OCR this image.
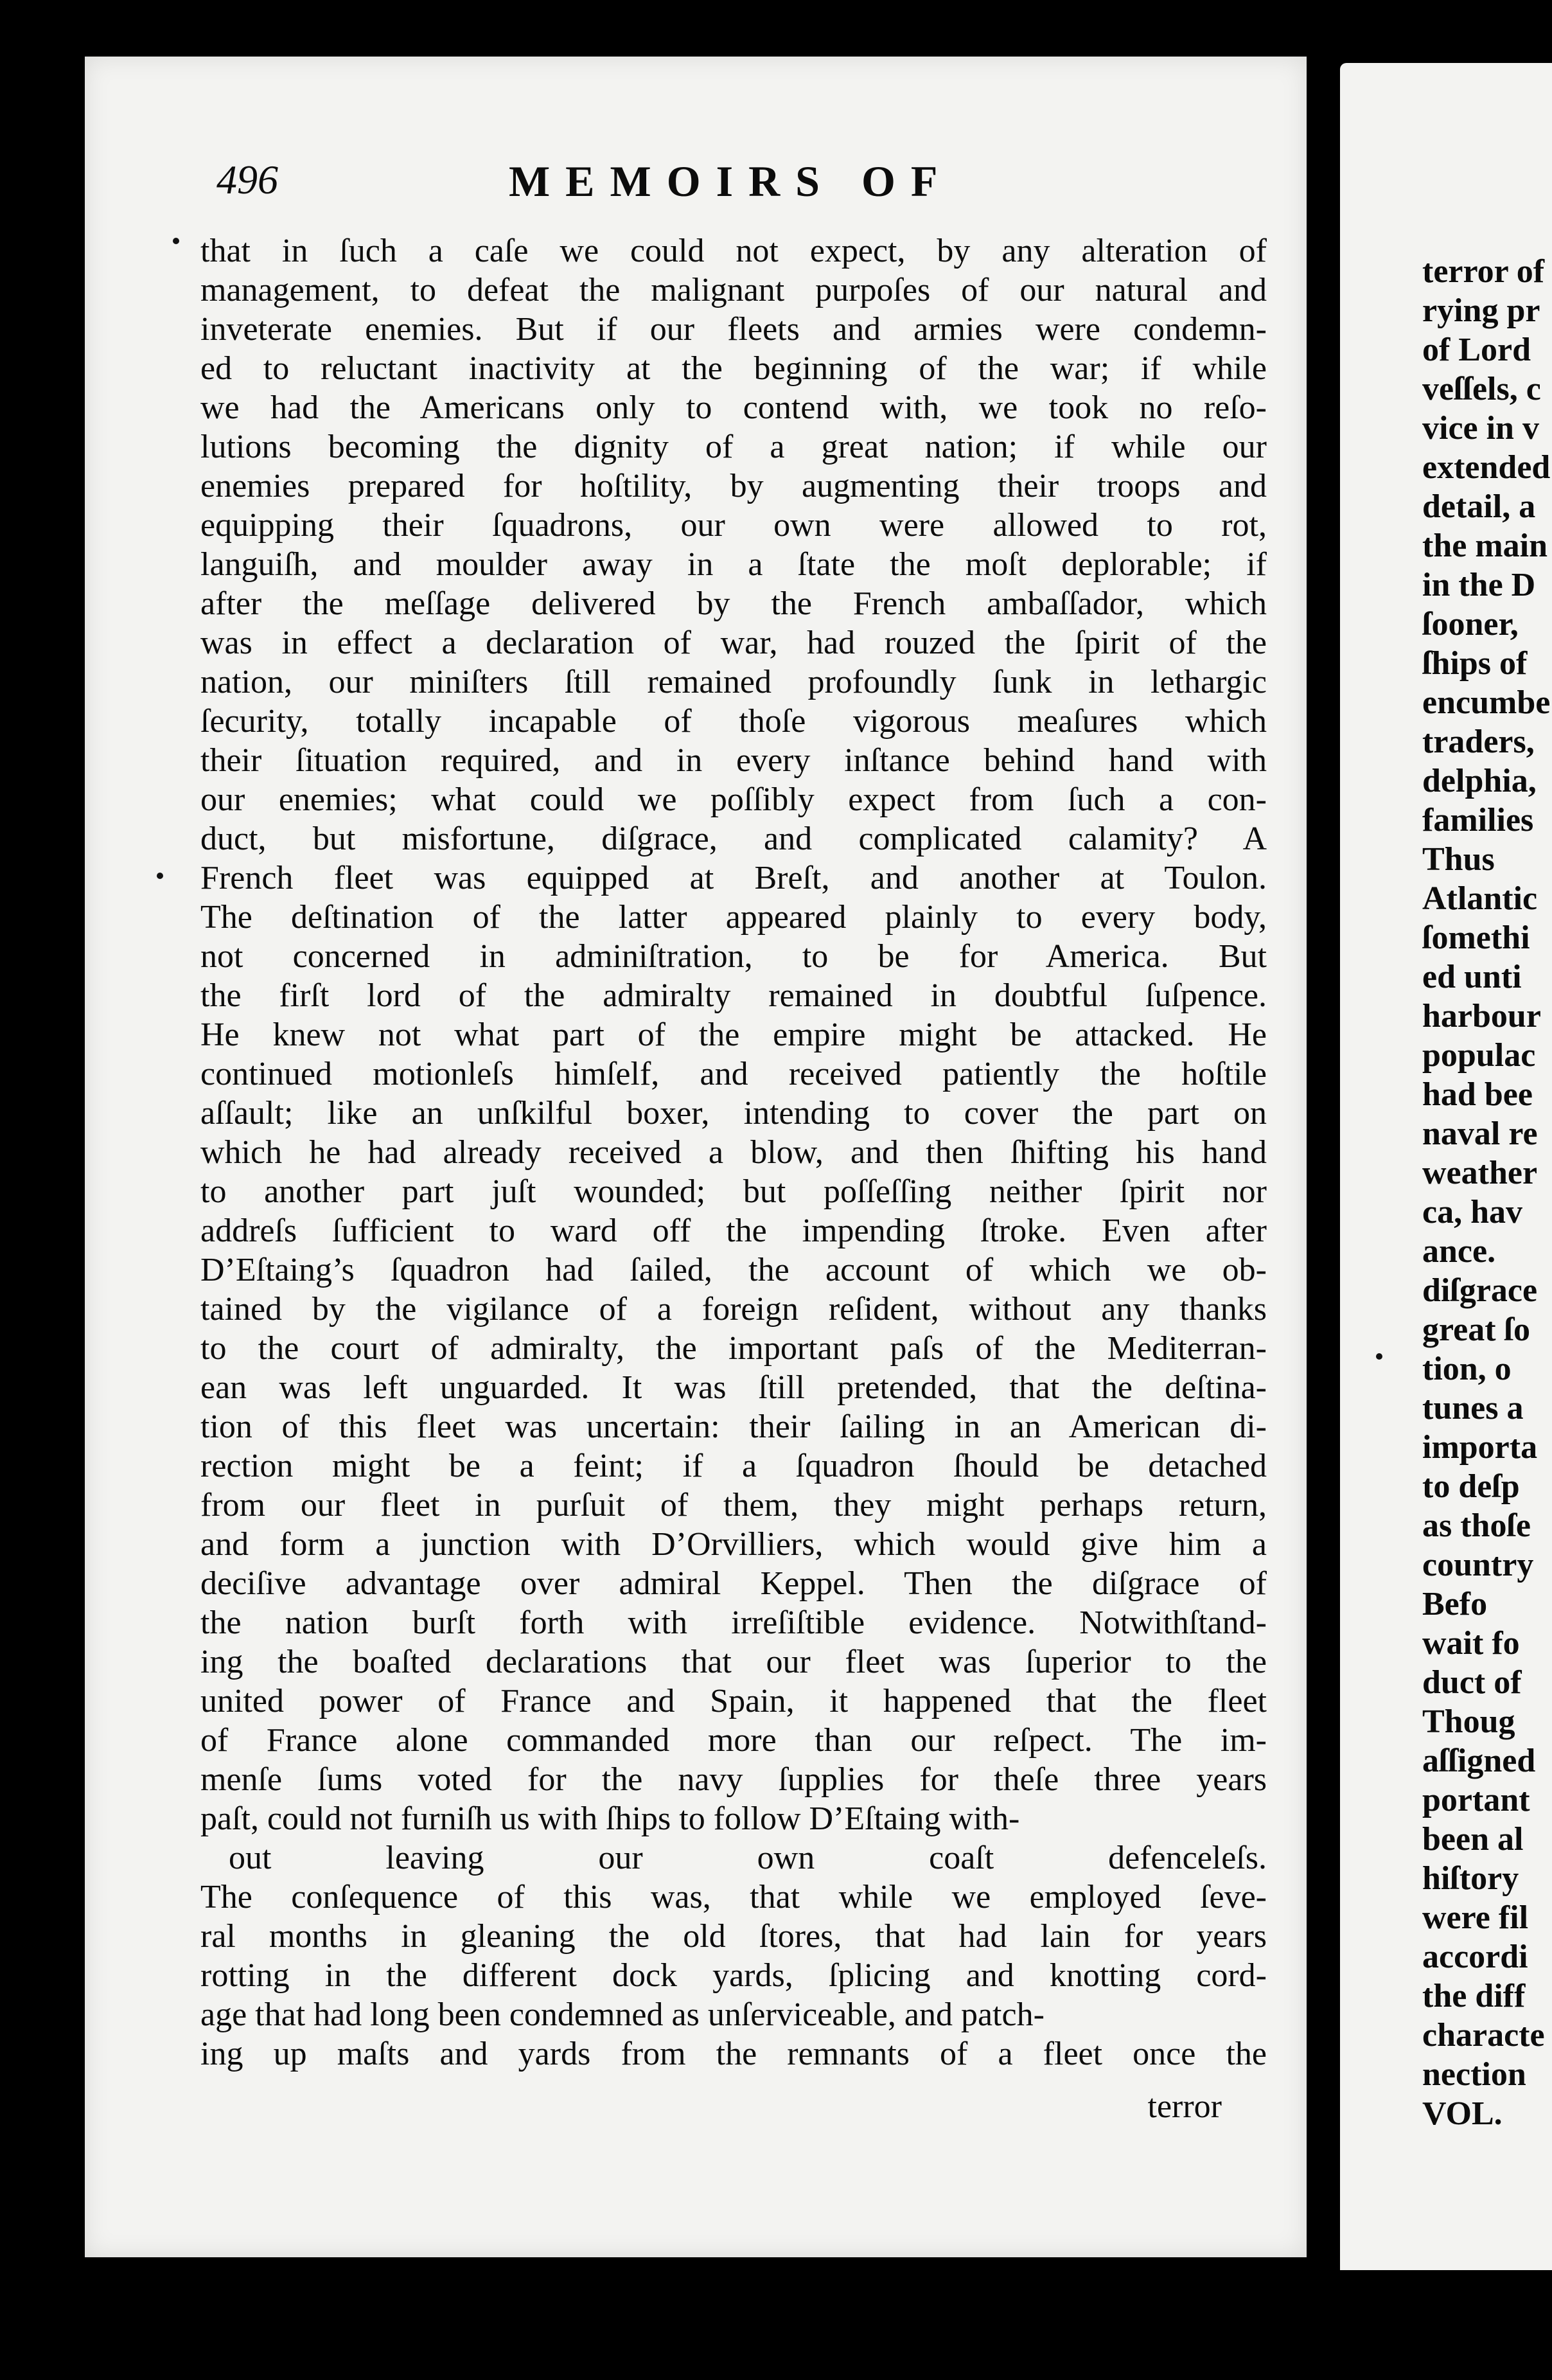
496	MEMOIRS OF
that in ſuch a caſe we could not expect, by any alteration of
management, to defeat the malignant purpoſes of our natural and
inveterate enemies. But if our fleets and armies were condemn-
ed to reluctant inactivity at the beginning of the war; if while
we had the Americans only to contend with, we took no reſo-
lutions becoming the dignity of a great nation; if while our
enemies prepared for hoſtility, by augmenting their troops and
equipping their ſquadrons, our own were allowed to rot,
languiſh, and moulder away in a ſtate the moſt deplorable; if
after the meſſage delivered by the French ambaſſador, which
was in effect a declaration of war, had rouzed the ſpirit of the
nation, our miniſters ſtill remained profoundly ſunk in lethargic
ſecurity, totally incapable of thoſe vigorous meaſures which
their ſituation required, and in every inſtance behind hand with
our enemies; what could we poſſibly expect from ſuch a con-
duct, but misfortune, diſgrace, and complicated calamity? A
French fleet was equipped at Breſt, and another at Toulon.
The deſtination of the latter appeared plainly to every body,
not concerned in adminiſtration, to be for America. But
the firſt lord of the admiralty remained in doubtful ſuſpence.
He knew not what part of the empire might be attacked. He
continued motionleſs himſelf, and received patiently the hoſtile
aſſault; like an unſkilful boxer, intending to cover the part on
which he had already received a blow, and then ſhifting his hand
to another part juſt wounded; but poſſeſſing neither ſpirit nor
addreſs ſufficient to ward off the impending ſtroke. Even after
D’Eſtaing’s ſquadron had ſailed, the account of which we ob-
tained by the vigilance of a foreign reſident, without any thanks
to the court of admiralty, the important paſs of the Mediterran-
ean was left unguarded. It was ſtill pretended, that the deſtina-
tion of this fleet was uncertain: their ſailing in an American di-
rection might be a feint; if a ſquadron ſhould be detached
from our fleet in purſuit of them, they might perhaps return,
and form a junction with D’Orvilliers, which would give him a
deciſive advantage over admiral Keppel. Then the diſgrace of
the nation burſt forth with irreſiſtible evidence. Notwithſtand-
ing the boaſted declarations that our fleet was ſuperior to the
united power of France and Spain, it happened that the fleet
of France alone commanded more than our reſpect. The im-
menſe ſums voted for the navy ſupplies for theſe three years
paſt, could not furniſh us with ſhips to follow D’Eſtaing with-
out leaving our own coaſt defenceleſs.
The conſequence of this was, that while we employed ſeve-
ral months in gleaning the old ſtores, that had lain for years
rotting in the different dock yards, ſplicing and knotting cord-
age that had long been condemned as unſerviceable, and patch-
ing up maſts and yards from the remnants of a fleet once the
terror
terror of
rying pr
of Lord
veſſels, c
vice in v
extended
detail, a
the main
in the D
ſooner,
ſhips of
encumbe
traders,
delphia,
families
Thus
Atlantic
ſomethi
ed unti
harbour
populac
had bee
naval re
weather
ca, hav
ance.
diſgrace
great ſo
tion, o
tunes a
importa
to deſp
as thoſe
country
Befo
wait fo
duct of
Thoug
aſſigned
portant
been al
hiſtory
were fil
accordi
the diff
characte
nection
VOL.
